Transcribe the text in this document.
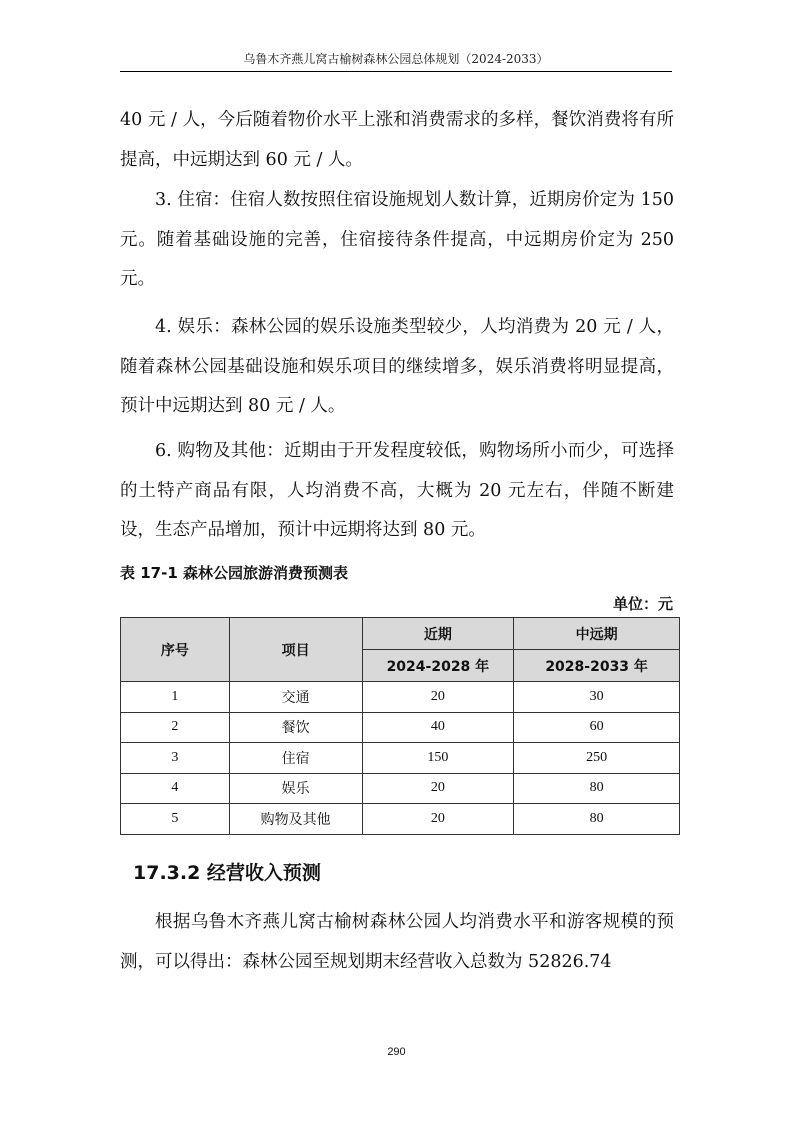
乌鲁木齐燕儿窝古榆树森林公园总体规划（2024-2033）

40 元 / 人，今后随着物价水平上涨和消费需求的多样，餐饮消费将有所提高，中远期达到 60 元 / 人。

3. 住宿：住宿人数按照住宿设施规划人数计算，近期房价定为 150 元。随着基础设施的完善，住宿接待条件提高，中远期房价定为 250 元。

4. 娱乐：森林公园的娱乐设施类型较少，人均消费为 20 元 / 人，随着森林公园基础设施和娱乐项目的继续增多，娱乐消费将明显提高，预计中远期达到 80 元 / 人。

6. 购物及其他：近期由于开发程度较低，购物场所小而少，可选择的土特产商品有限，人均消费不高，大概为 20 元左右，伴随不断建设，生态产品增加，预计中远期将达到 80 元。

表 17-1 森林公园旅游消费预测表
单位：元
序号	项目	近期	中远期
		2024-2028 年	2028-2033 年
1	交通	20	30
2	餐饮	40	60
3	住宿	150	250
4	娱乐	20	80
5	购物及其他	20	80
17.3.2 经营收入预测

根据乌鲁木齐燕儿窝古榆树森林公园人均消费水平和游客规模的预测，可以得出：森林公园至规划期末经营收入总数为 52826.74

290
